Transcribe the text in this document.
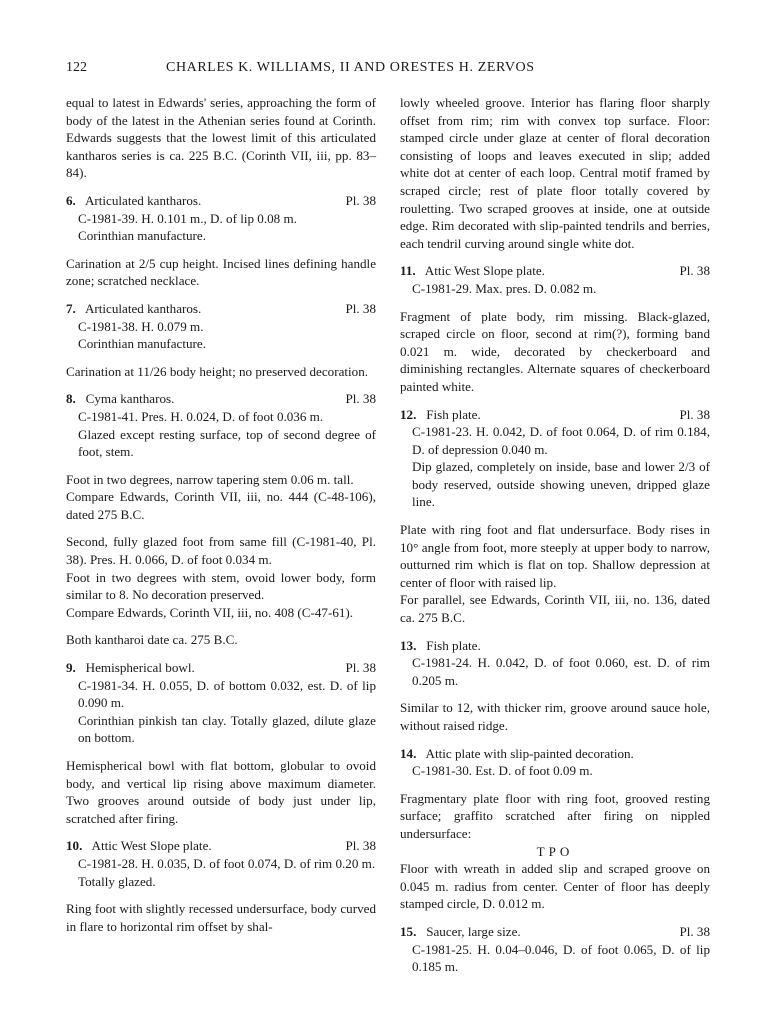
122	CHARLES K. WILLIAMS, II AND ORESTES H. ZERVOS

equal to latest in Edwards' series, approaching the form of body of the latest in the Athenian series found at Corinth. Edwards suggests that the lowest limit of this articulated kantharos series is ca. 225 B.C. (Corinth VII, iii, pp. 83–84).

6. Articulated kantharos.	Pl. 38

C-1981-39. H. 0.101 m., D. of lip 0.08 m.

Corinthian manufacture.

Carination at 2/5 cup height. Incised lines defining handle zone; scratched necklace.

7. Articulated kantharos.	Pl. 38

C-1981-38. H. 0.079 m.

Corinthian manufacture.

Carination at 11/26 body height; no preserved decoration.

8. Cyma kantharos.	Pl. 38

C-1981-41. Pres. H. 0.024, D. of foot 0.036 m.

Glazed except resting surface, top of second degree of foot, stem.

Foot in two degrees, narrow tapering stem 0.06 m. tall.

Compare Edwards, Corinth VII, iii, no. 444 (C-48-106), dated 275 B.C.

Second, fully glazed foot from same fill (C-1981-40, Pl. 38). Pres. H. 0.066, D. of foot 0.034 m.

Foot in two degrees with stem, ovoid lower body, form similar to 8. No decoration preserved.

Compare Edwards, Corinth VII, iii, no. 408 (C-47-61).

Both kantharoi date ca. 275 B.C.

9. Hemispherical bowl.	Pl. 38

C-1981-34. H. 0.055, D. of bottom 0.032, est. D. of lip 0.090 m.

Corinthian pinkish tan clay. Totally glazed, dilute glaze on bottom.

Hemispherical bowl with flat bottom, globular to ovoid body, and vertical lip rising above maximum diameter. Two grooves around outside of body just under lip, scratched after firing.

10. Attic West Slope plate.	Pl. 38

C-1981-28. H. 0.035, D. of foot 0.074, D. of rim 0.20 m.

Totally glazed.

Ring foot with slightly recessed undersurface, body curved in flare to horizontal rim offset by shal-

lowly wheeled groove. Interior has flaring floor sharply offset from rim; rim with convex top surface. Floor: stamped circle under glaze at center of floral decoration consisting of loops and leaves executed in slip; added white dot at center of each loop. Central motif framed by scraped circle; rest of plate floor totally covered by rouletting. Two scraped grooves at inside, one at outside edge. Rim decorated with slip-painted tendrils and berries, each tendril curving around single white dot.

11. Attic West Slope plate.	Pl. 38

C-1981-29. Max. pres. D. 0.082 m.

Fragment of plate body, rim missing. Black-glazed, scraped circle on floor, second at rim(?), forming band 0.021 m. wide, decorated by checkerboard and diminishing rectangles. Alternate squares of checkerboard painted white.

12. Fish plate.	Pl. 38

C-1981-23. H. 0.042, D. of foot 0.064, D. of rim 0.184, D. of depression 0.040 m.

Dip glazed, completely on inside, base and lower 2/3 of body reserved, outside showing uneven, dripped glaze line.

Plate with ring foot and flat undersurface. Body rises in 10° angle from foot, more steeply at upper body to narrow, outturned rim which is flat on top. Shallow depression at center of floor with raised lip.

For parallel, see Edwards, Corinth VII, iii, no. 136, dated ca. 275 B.C.

13. Fish plate.

C-1981-24. H. 0.042, D. of foot 0.060, est. D. of rim 0.205 m.

Similar to 12, with thicker rim, groove around sauce hole, without raised ridge.

14. Attic plate with slip-painted decoration.

C-1981-30. Est. D. of foot 0.09 m.

Fragmentary plate floor with ring foot, grooved resting surface; graffito scratched after firing on nippled undersurface:

TPO

Floor with wreath in added slip and scraped groove on 0.045 m. radius from center. Center of floor has deeply stamped circle, D. 0.012 m.

15. Saucer, large size.	Pl. 38

C-1981-25. H. 0.04–0.046, D. of foot 0.065, D. of lip 0.185 m.
